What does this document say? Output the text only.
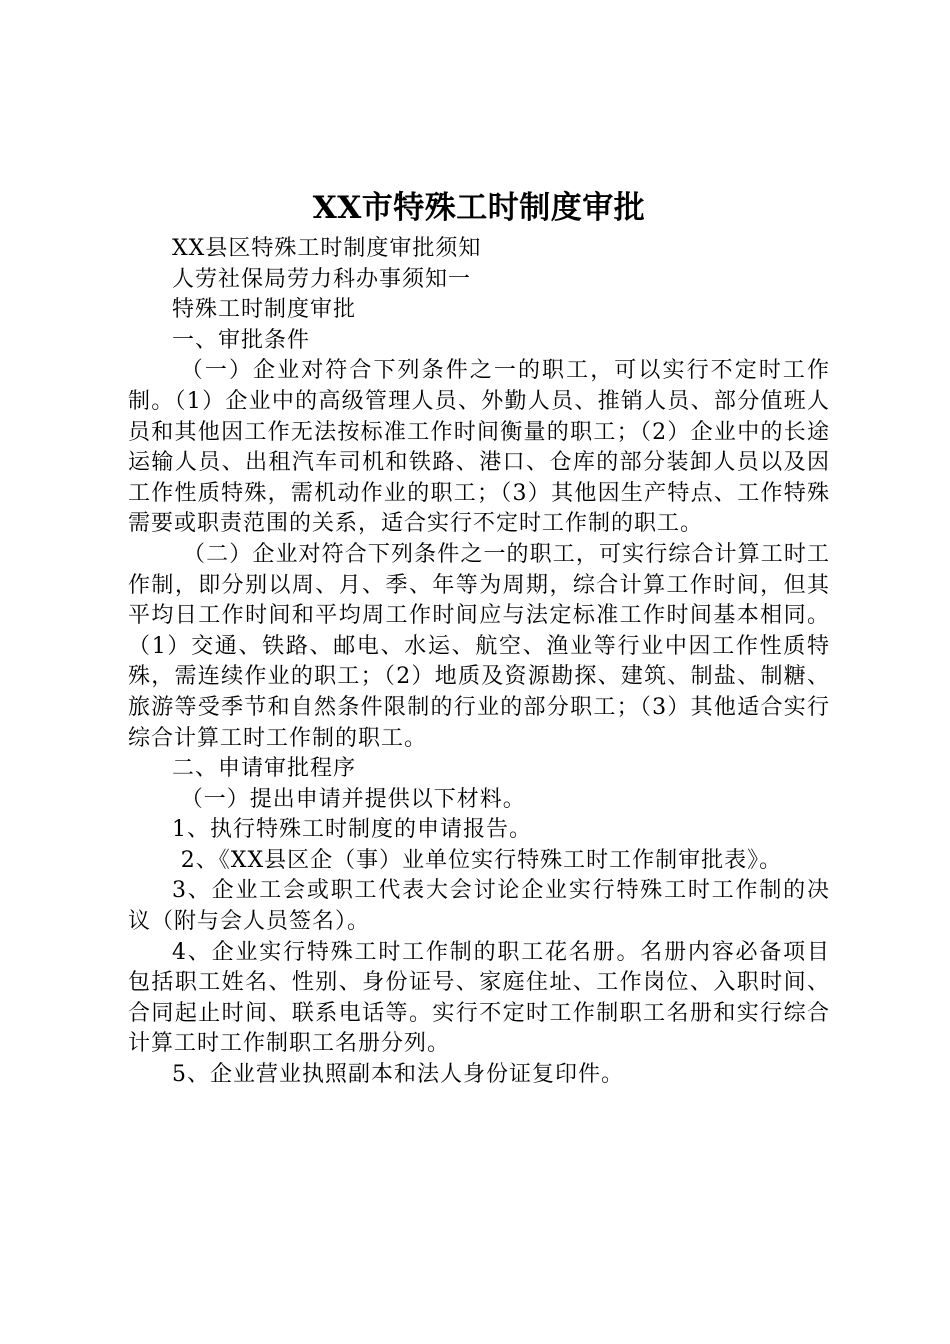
XX市特殊工时制度审批

XX县区特殊工时制度审批须知

人劳社保局劳力科办事须知一

特殊工时制度审批

一、审批条件

（一）企业对符合下列条件之一的职工，可以实行不定时工作制。（1）企业中的高级管理人员、外勤人员、推销人员、部分值班人员和其他因工作无法按标准工作时间衡量的职工；（2）企业中的长途运输人员、出租汽车司机和铁路、港口、仓库的部分装卸人员以及因工作性质特殊，需机动作业的职工；（3）其他因生产特点、工作特殊需要或职责范围的关系，适合实行不定时工作制的职工。

（二）企业对符合下列条件之一的职工，可实行综合计算工时工作制，即分别以周、月、季、年等为周期，综合计算工作时间，但其平均日工作时间和平均周工作时间应与法定标准工作时间基本相同。（1）交通、铁路、邮电、水运、航空、渔业等行业中因工作性质特殊，需连续作业的职工；（2）地质及资源勘探、建筑、制盐、制糖、旅游等受季节和自然条件限制的行业的部分职工；（3）其他适合实行综合计算工时工作制的职工。

二、申请审批程序

（一）提出申请并提供以下材料。

1、执行特殊工时制度的申请报告。

2、《XX县区企（事）业单位实行特殊工时工作制审批表》。

3、企业工会或职工代表大会讨论企业实行特殊工时工作制的决议（附与会人员签名）。

4、企业实行特殊工时工作制的职工花名册。名册内容必备项目包括职工姓名、性别、身份证号、家庭住址、工作岗位、入职时间、合同起止时间、联系电话等。实行不定时工作制职工名册和实行综合计算工时工作制职工名册分列。

5、企业营业执照副本和法人身份证复印件。
